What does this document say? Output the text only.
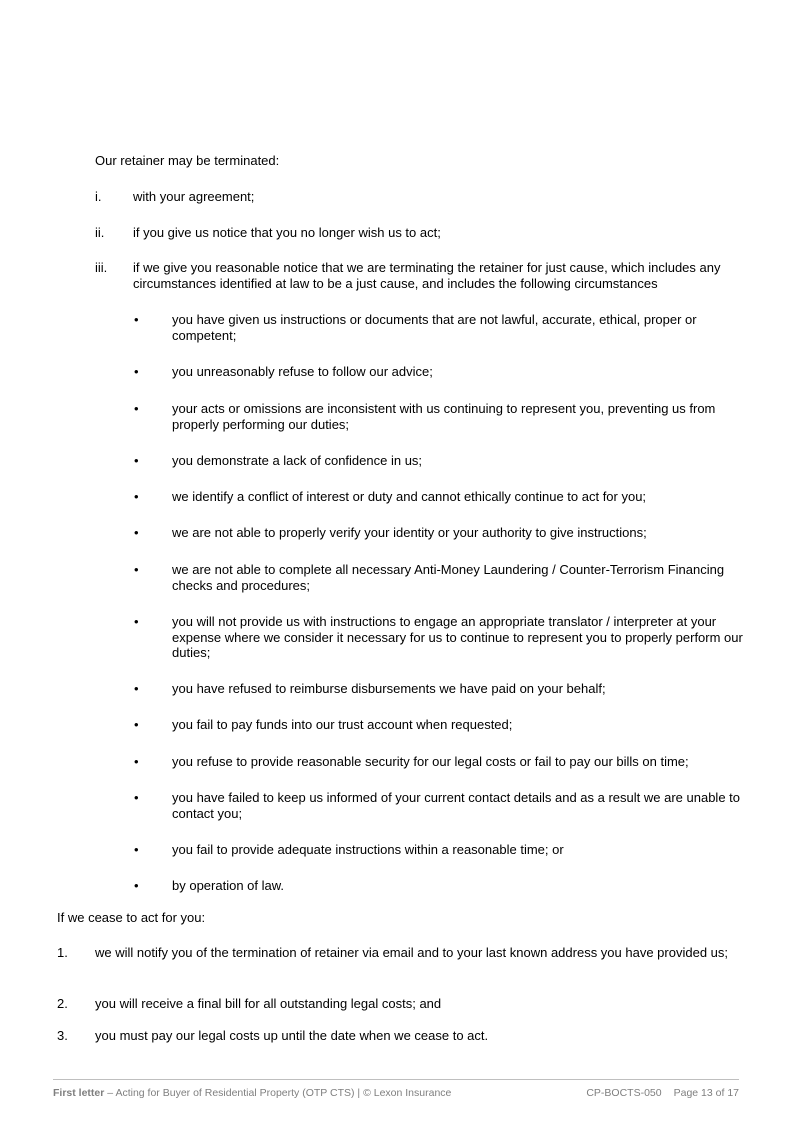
Our retainer may be terminated:
i.	with your agreement;
ii.	if you give us notice that you no longer wish us to act;
iii.	if we give you reasonable notice that we are terminating the retainer for just cause, which includes any circumstances identified at law to be a just cause, and includes the following circumstances
•	you have given us instructions or documents that are not lawful, accurate, ethical, proper or competent;
•	you unreasonably refuse to follow our advice;
•	your acts or omissions are inconsistent with us continuing to represent you, preventing us from properly performing our duties;
•	you demonstrate a lack of confidence in us;
•	we identify a conflict of interest or duty and cannot ethically continue to act for you;
•	we are not able to properly verify your identity or your authority to give instructions;
•	we are not able to complete all necessary Anti-Money Laundering / Counter-Terrorism Financing checks and procedures;
•	you will not provide us with instructions to engage an appropriate translator / interpreter at your expense where we consider it necessary for us to continue to represent you to properly perform our duties;
•	you have refused to reimburse disbursements we have paid on your behalf;
•	you fail to pay funds into our trust account when requested;
•	you refuse to provide reasonable security for our legal costs or fail to pay our bills on time;
•	you have failed to keep us informed of your current contact details and as a result we are unable to contact you;
•	you fail to provide adequate instructions within a reasonable time; or
•	by operation of law.
If we cease to act for you:
1.	we will notify you of the termination of retainer via email and to your last known address you have provided us;
2.	you will receive a final bill for all outstanding legal costs; and
3.	you must pay our legal costs up until the date when we cease to act.
First letter – Acting for Buyer of Residential Property (OTP CTS) | © Lexon Insurance	CP-BOCTS-050 Page 13 of 17
